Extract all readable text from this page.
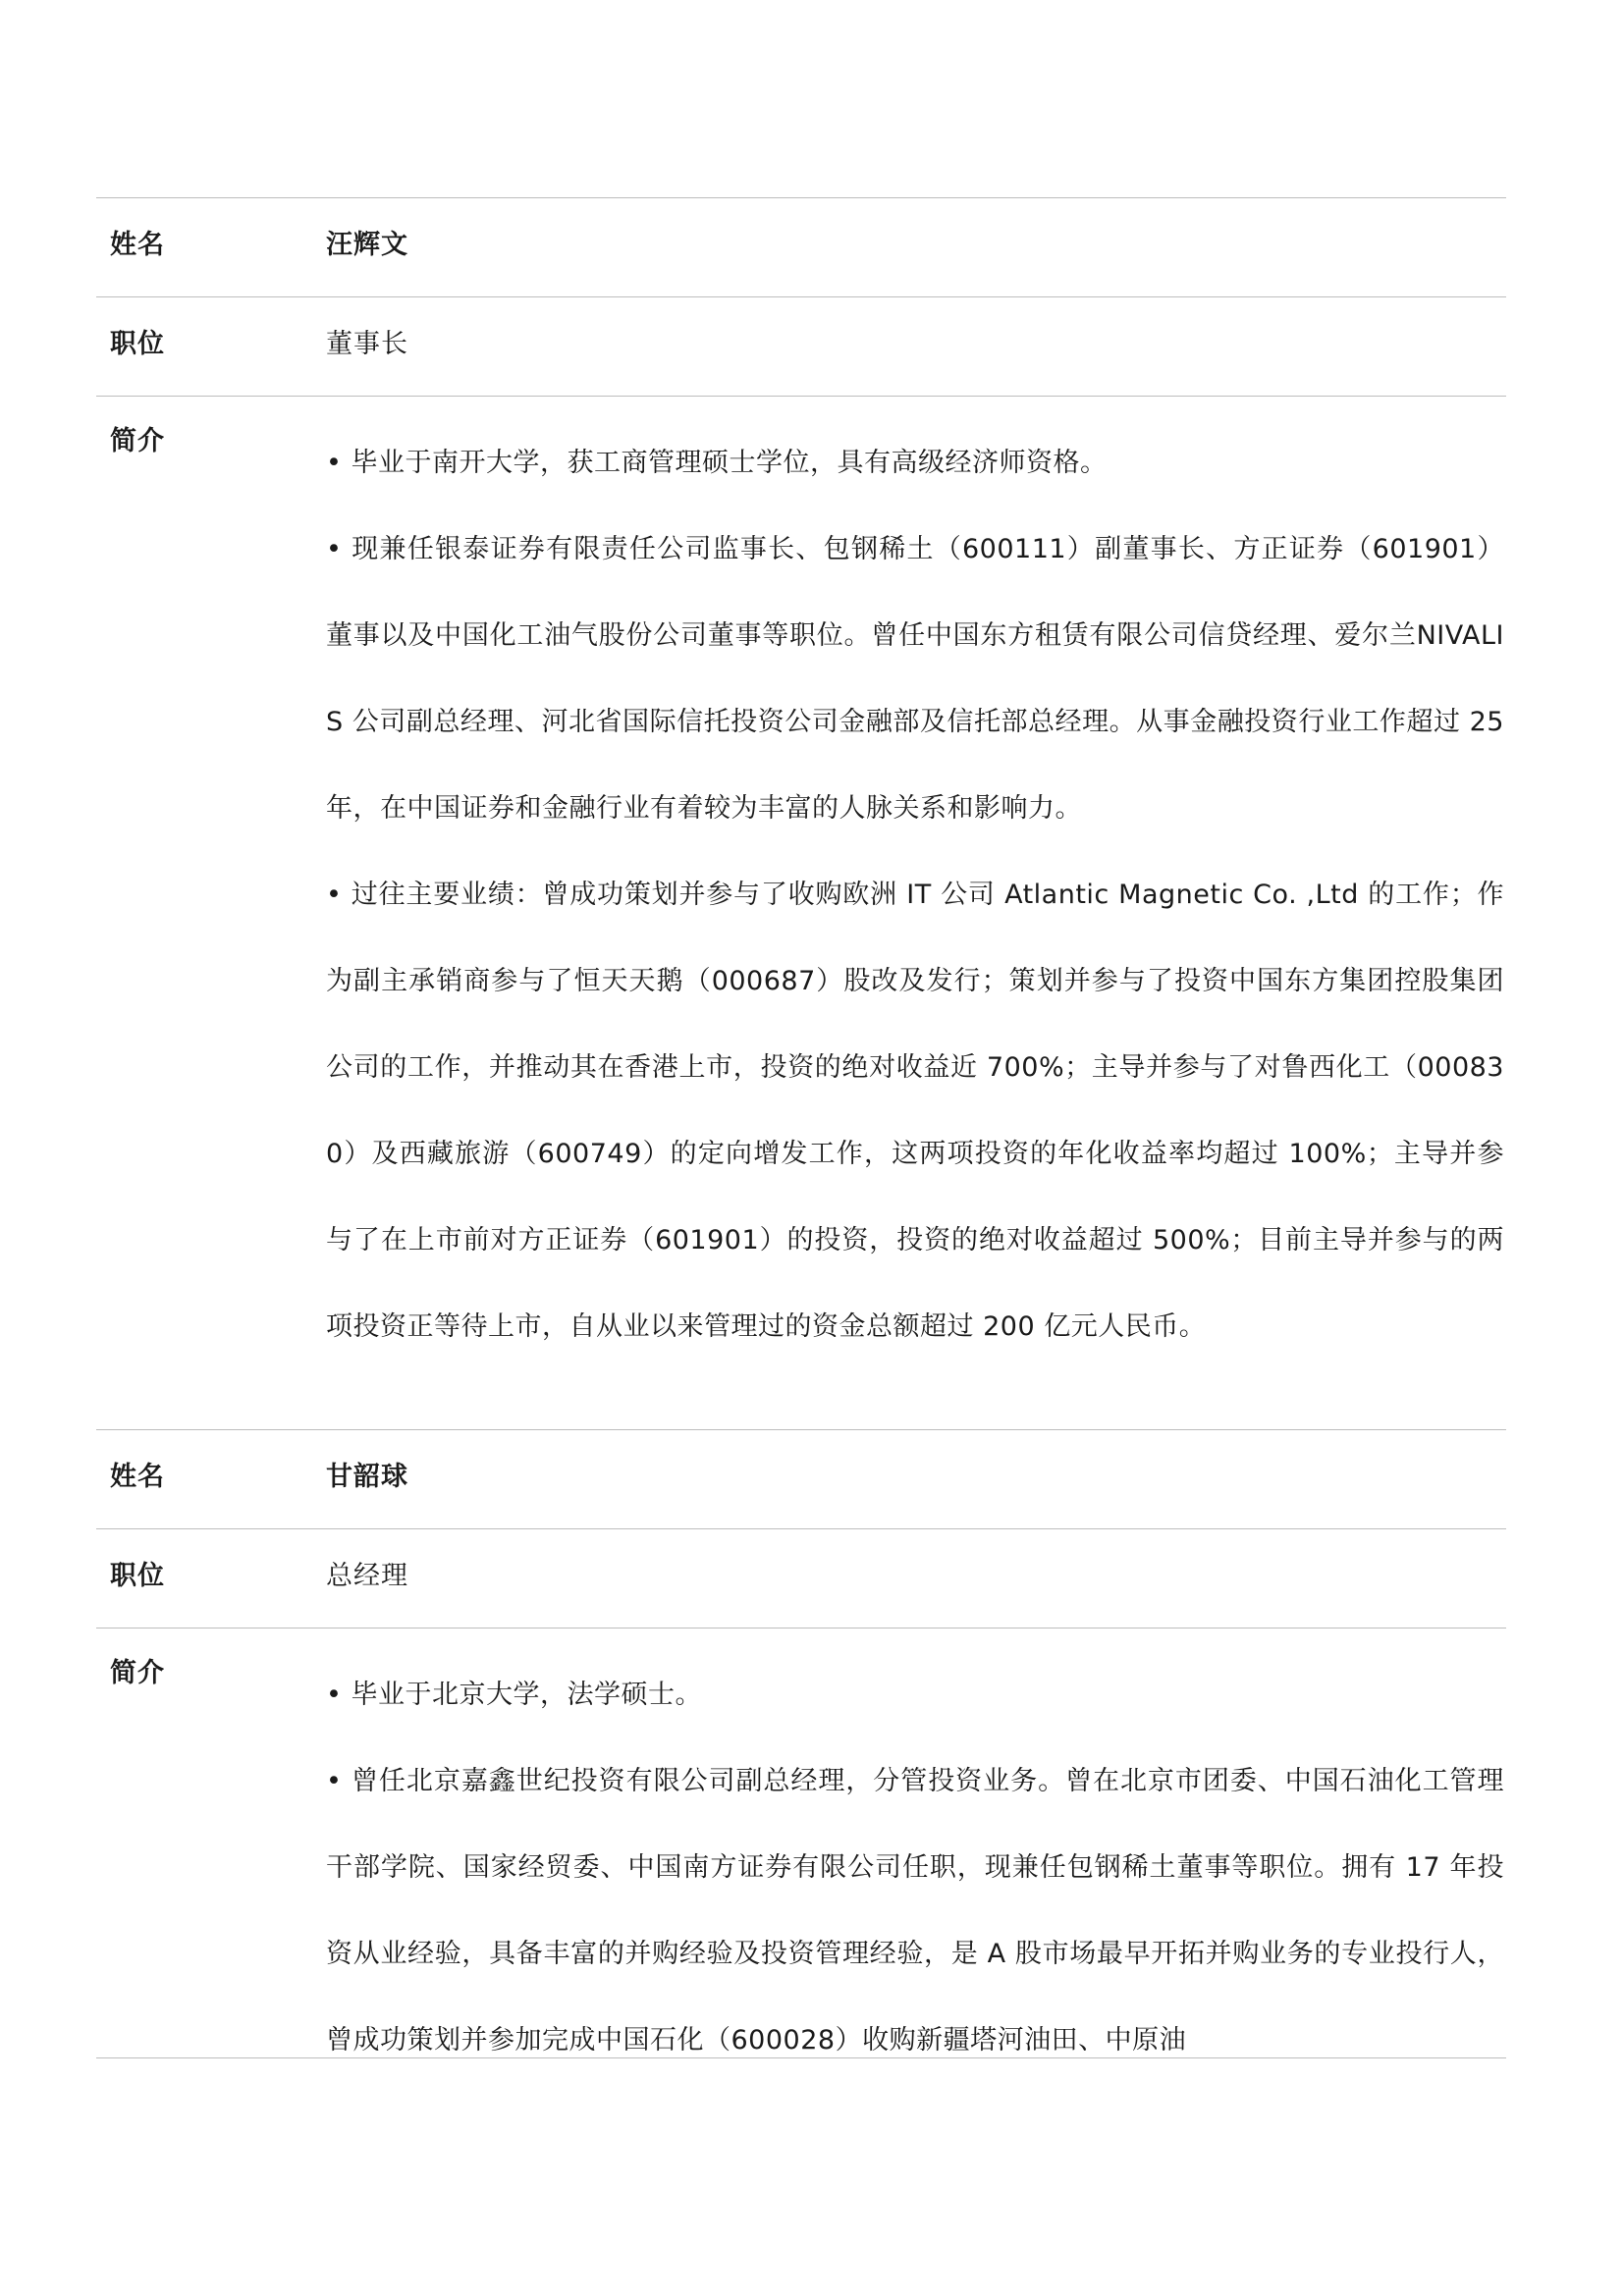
姓名	汪辉文
职位	董事长
简介

• 毕业于南开大学，获工商管理硕士学位，具有高级经济师资格。

• 现兼任银泰证券有限责任公司监事长、包钢稀土（600111）副董事长、方正证券（601901）董事以及中国化工油气股份公司董事等职位。曾任中国东方租赁有限公司信贷经理、爱尔兰NIVALIS 公司副总经理、河北省国际信托投资公司金融部及信托部总经理。从事金融投资行业工作超过 25 年，在中国证券和金融行业有着较为丰富的人脉关系和影响力。

• 过往主要业绩：曾成功策划并参与了收购欧洲 IT 公司 Atlantic Magnetic Co. ,Ltd 的工作；作为副主承销商参与了恒天天鹅（000687）股改及发行；策划并参与了投资中国东方集团控股集团公司的工作，并推动其在香港上市，投资的绝对收益近 700%；主导并参与了对鲁西化工（000830）及西藏旅游（600749）的定向增发工作，这两项投资的年化收益率均超过 100%；主导并参与了在上市前对方正证券（601901）的投资，投资的绝对收益超过 500%；目前主导并参与的两项投资正等待上市，自从业以来管理过的资金总额超过 200 亿元人民币。

姓名	甘韶球
职位	总经理
简介

• 毕业于北京大学，法学硕士。

• 曾任北京嘉鑫世纪投资有限公司副总经理，分管投资业务。曾在北京市团委、中国石油化工管理干部学院、国家经贸委、中国南方证券有限公司任职，现兼任包钢稀土董事等职位。拥有 17 年投资从业经验，具备丰富的并购经验及投资管理经验，是 A 股市场最早开拓并购业务的专业投行人，曾成功策划并参加完成中国石化（600028）收购新疆塔河油田、中原油
